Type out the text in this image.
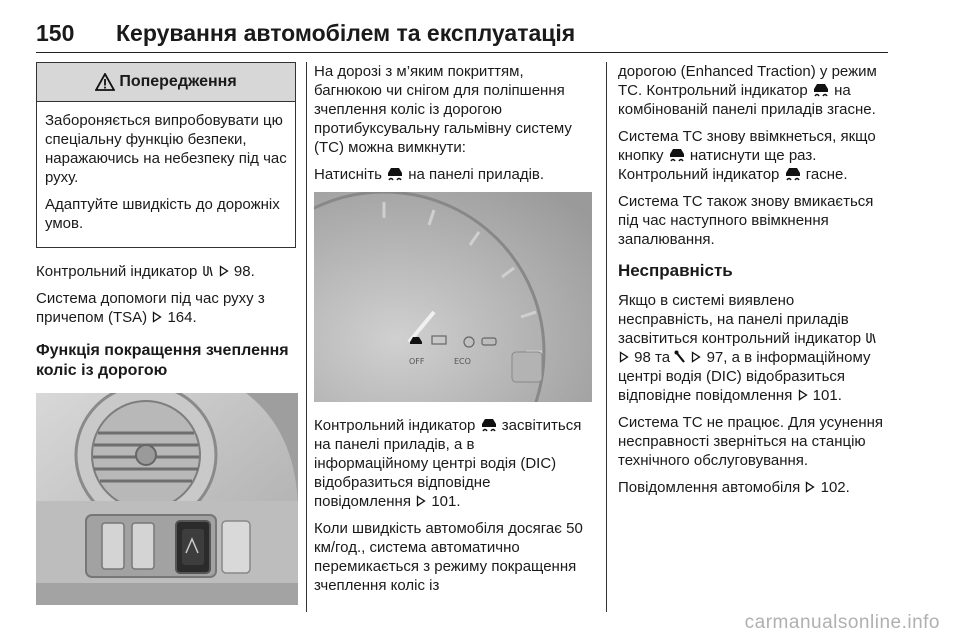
150 Керування автомобілем та експлуатація
Попередження

Забороняється випробовувати цю спеціальну функцію безпеки, наражаючись на небезпеку під час руху.

Адаптуйте швидкість до дорожніх умов.

Контрольний індикатор 98.

Система допомоги під час руху з причепом (TSA) 164.

Функція покращення зчеплення коліс із дорогою

На дорозі з м’яким покриттям, багнюкою чи снігом для поліпшення зчеплення коліс із дорогою протибуксувальну гальмівну систему (TC) можна вимкнути:

Натисніть на панелі приладів.

OFF	ECO

Контрольний індикатор засвітиться на панелі приладів, а в інформаційному центрі водія (DIC) відобразиться відповідне повідомлення 101.

Коли швидкість автомобіля досягає 50 км/год., система автоматично перемикається з режиму покращення зчеплення коліс із

дорогою (Enhanced Traction) у режим TC. Контрольний індикатор на комбінованій панелі приладів згасне.

Система TC знову ввімкнеться, якщо кнопку натиснути ще раз. Контрольний індикатор гасне.

Система TC також знову вмикається під час наступного ввімкнення запалювання.

Несправність

Якщо в системі виявлено несправність, на панелі приладів засвітиться контрольний індикатор   98 та 97, а в інформаційному центрі водія (DIC) відобразиться відповідне повідомлення 101.

Система TC не працює. Для усунення несправності зверніться на станцію технічного обслуговування.

Повідомлення автомобіля 102.

carmanualsonline.info
